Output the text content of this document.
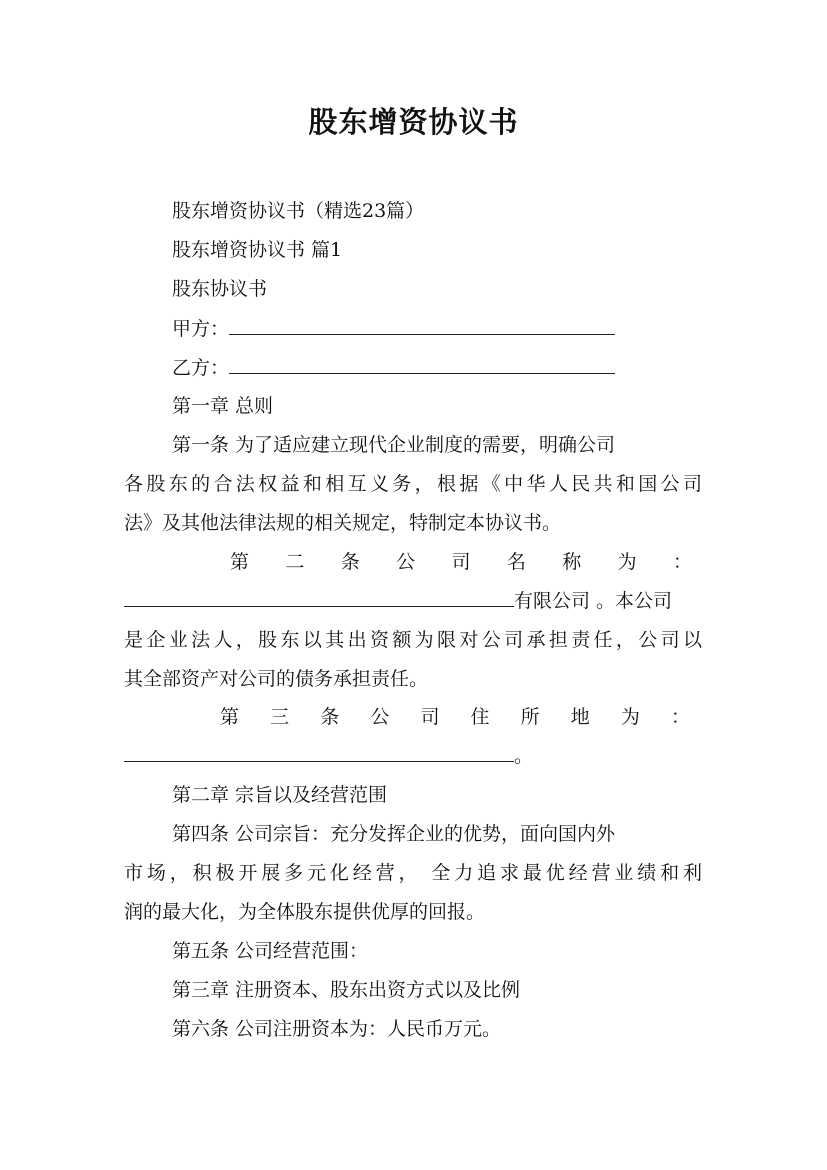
股东增资协议书
股东增资协议书（精选23篇）
股东增资协议书 篇1
股东协议书
甲方：
乙方：
第一章 总则
第一条 为了适应建立现代企业制度的需要，明确公司
各股东的合法权益和相互义务，根据《中华人民共和国公司
法》及其他法律法规的相关规定，特制定本协议书。
第 二 条 公 司 名 称 为 ：
有限公司 。本公司
是企业法人，股东以其出资额为限对公司承担责任，公司以
其全部资产对公司的债务承担责任。
第 三 条 公 司 住 所 地 为 ：
。
第二章 宗旨以及经营范围
第四条 公司宗旨：充分发挥企业的优势，面向国内外
市场，积极开展多元化经营， 全力追求最优经营业绩和利
润的最大化，为全体股东提供优厚的回报。
第五条 公司经营范围：
第三章 注册资本、股东出资方式以及比例
第六条 公司注册资本为：人民币万元。
